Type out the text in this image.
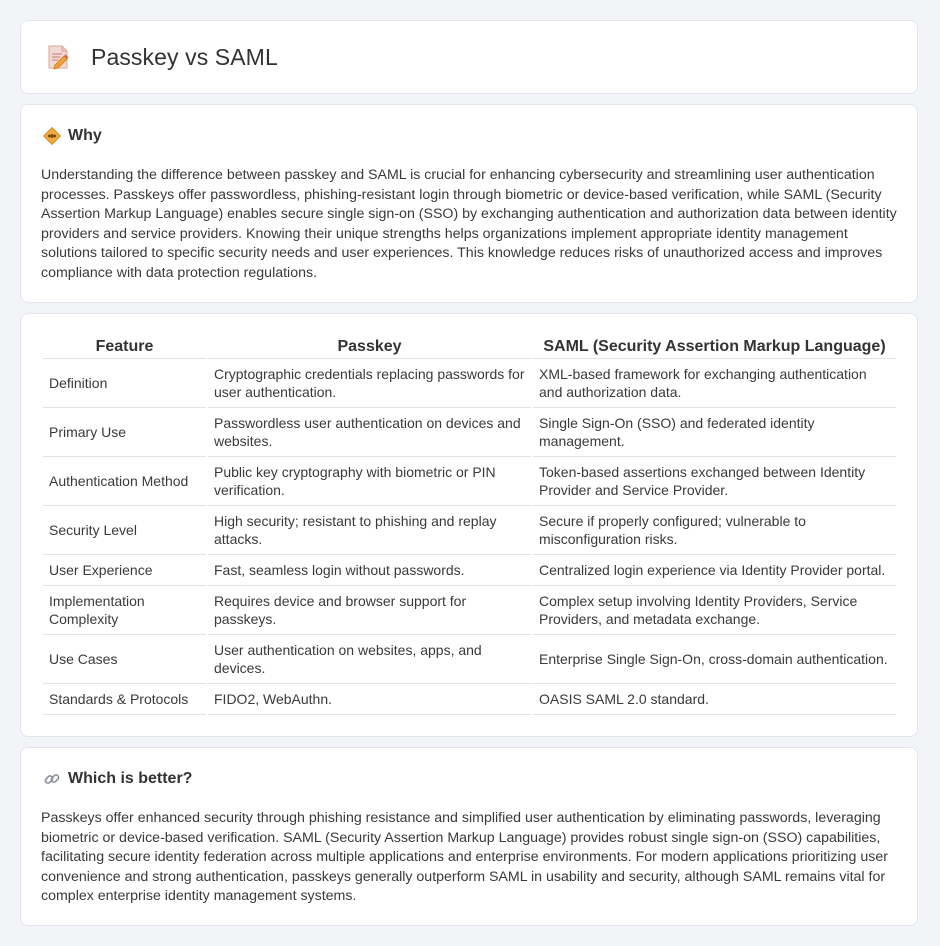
Passkey vs SAML
Why

Understanding the difference between passkey and SAML is crucial for enhancing cybersecurity and streamlining user authentication processes. Passkeys offer passwordless, phishing-resistant login through biometric or device-based verification, while SAML (Security Assertion Markup Language) enables secure single sign-on (SSO) by exchanging authentication and authorization data between identity providers and service providers. Knowing their unique strengths helps organizations implement appropriate identity management solutions tailored to specific security needs and user experiences. This knowledge reduces risks of unauthorized access and improves compliance with data protection regulations.

Feature	Passkey	SAML (Security Assertion Markup Language)
Definition	Cryptographic credentials replacing passwords for user authentication.	XML-based framework for exchanging authentication and authorization data.
Primary Use	Passwordless user authentication on devices and websites.	Single Sign-On (SSO) and federated identity management.
Authentication Method	Public key cryptography with biometric or PIN verification.	Token-based assertions exchanged between Identity Provider and Service Provider.
Security Level	High security; resistant to phishing and replay attacks.	Secure if properly configured; vulnerable to misconfiguration risks.
User Experience	Fast, seamless login without passwords.	Centralized login experience via Identity Provider portal.
Implementation Complexity	Requires device and browser support for passkeys.	Complex setup involving Identity Providers, Service Providers, and metadata exchange.
Use Cases	User authentication on websites, apps, and devices.	Enterprise Single Sign-On, cross-domain authentication.
Standards & Protocols	FIDO2, WebAuthn.	OASIS SAML 2.0 standard.
Which is better?

Passkeys offer enhanced security through phishing resistance and simplified user authentication by eliminating passwords, leveraging biometric or device-based verification. SAML (Security Assertion Markup Language) provides robust single sign-on (SSO) capabilities, facilitating secure identity federation across multiple applications and enterprise environments. For modern applications prioritizing user convenience and strong authentication, passkeys generally outperform SAML in usability and security, although SAML remains vital for complex enterprise identity management systems.
